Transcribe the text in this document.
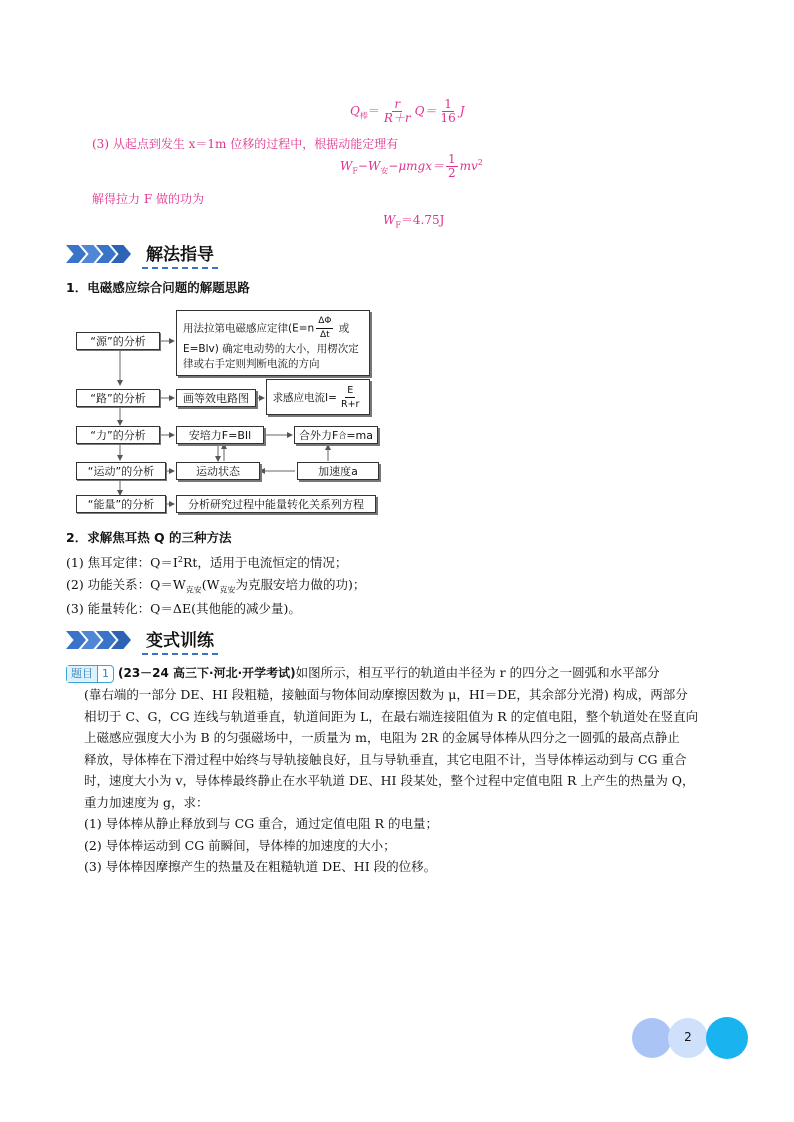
$Q_棒= \frac{r}{R+r} Q= \frac{1}{16}$ J
(3) 从起点到发生 x＝1m 位移的过程中，根据动能定理有
$W_F-W_安-\mu mgx= \frac{1}{2} mv^2$
解得拉力 F 做的功为
$W_F=4.75J$
解法指导
1．电磁感应综合问题的解题思路
“源”的分析
用法拉第电磁感应定律($E=n \frac{\Delta\Phi}{\Delta t}$ 或
E=Blv) 确定电动势的大小，用楞次定
律或右手定则判断电流的方向
“路”的分析	画等效电路图	求感应电流$I= \frac{E}{R+r}$
“力”的分析	安培力F=BIl	合外力F 合 =ma
“运动”的分析	运动状态	加速度a
“能量”的分析	分析研究过程中能量转化关系列方程
2．求解焦耳热 Q 的三种方法
(1) 焦耳定律：$Q=I^2Rt$，适用于电流恒定的情况；
(2) 功能关系：$Q=W_{克安}(W_{克安}$为克服安培力做的功)；
(3) 能量转化：Q＝ΔE(其他能的减少量)。
变式训练
题目 1 (23－24 高三下·河北·开学考试)如图所示，相互平行的轨道由半径为 r 的四分之一圆弧和水平部分
(靠右端的一部分 DE、HI 段粗糙，接触面与物体间动摩擦因数为 μ，HI＝DE，其余部分光滑) 构成，两部分
相切于 C、G，CG 连线与轨道垂直，轨道间距为 L，在最右端连接阻值为 R 的定值电阻，整个轨道处在竖直向
上磁感应强度大小为 B 的匀强磁场中，一质量为 m，电阻为 2R 的金属导体棒从四分之一圆弧的最高点静止
释放，导体棒在下滑过程中始终与导轨接触良好，且与导轨垂直，其它电阻不计，当导体棒运动到与 CG 重合
时，速度大小为 v，导体棒最终静止在水平轨道 DE、HI 段某处，整个过程中定值电阻 R 上产生的热量为 Q，
重力加速度为 g，求：
(1) 导体棒从静止释放到与 CG 重合，通过定值电阻 R 的电量；
(2) 导体棒运动到 CG 前瞬间，导体棒的加速度的大小；
(3) 导体棒因摩擦产生的热量及在粗糙轨道 DE、HI 段的位移。
2
